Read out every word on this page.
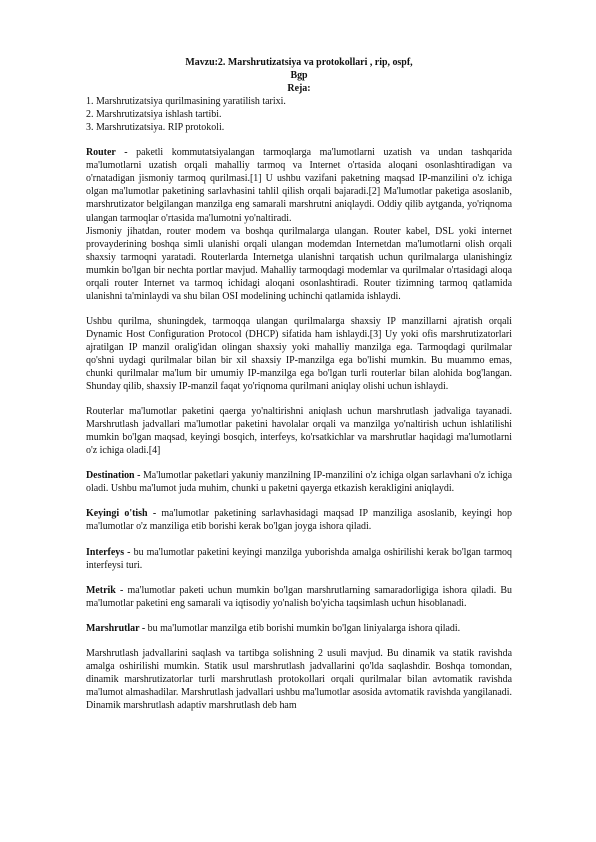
Mavzu:2. Marshrutizatsiya va protokollari , rip, ospf,

Bgp

Reja:

1. Marshrutizatsiya qurilmasining yaratilish tarixi.

2. Marshrutizatsiya ishlash tartibi.

3. Marshrutizatsiya. RIP protokoli.

Router - paketli kommutatsiyalangan tarmoqlarga ma'lumotlarni uzatish va undan tashqarida ma'lumotlarni uzatish orqali mahalliy tarmoq va Internet o'rtasida aloqani osonlashtiradigan va o'rnatadigan jismoniy tarmoq qurilmasi.[1] U ushbu vazifani paketning maqsad IP-manzilini o'z ichiga olgan ma'lumotlar paketining sarlavhasini tahlil qilish orqali bajaradi.[2] Ma'lumotlar paketiga asoslanib, marshrutizator belgilangan manzilga eng samarali marshrutni aniqlaydi. Oddiy qilib aytganda, yo'riqnoma ulangan tarmoqlar o'rtasida ma'lumotni yo'naltiradi.

Jismoniy jihatdan, router modem va boshqa qurilmalarga ulangan. Router kabel, DSL yoki internet provayderining boshqa simli ulanishi orqali ulangan modemdan Internetdan ma'lumotlarni olish orqali shaxsiy tarmoqni yaratadi. Routerlarda Internetga ulanishni tarqatish uchun qurilmalarga ulanishingiz mumkin bo'lgan bir nechta portlar mavjud. Mahalliy tarmoqdagi modemlar va qurilmalar o'rtasidagi aloqa orqali router Internet va tarmoq ichidagi aloqani osonlashtiradi. Router tizimning tarmoq qatlamida ulanishni ta'minlaydi va shu bilan OSI modelining uchinchi qatlamida ishlaydi.

Ushbu qurilma, shuningdek, tarmoqqa ulangan qurilmalarga shaxsiy IP manzillarni ajratish orqali Dynamic Host Configuration Protocol (DHCP) sifatida ham ishlaydi.[3] Uy yoki ofis marshrutizatorlari ajratilgan IP manzil oralig'idan olingan shaxsiy yoki mahalliy manzilga ega. Tarmoqdagi qurilmalar qo'shni uydagi qurilmalar bilan bir xil shaxsiy IP-manzilga ega bo'lishi mumkin. Bu muammo emas, chunki qurilmalar ma'lum bir umumiy IP-manzilga ega bo'lgan turli routerlar bilan alohida bog'langan. Shunday qilib, shaxsiy IP-manzil faqat yo'riqnoma qurilmani aniqlay olishi uchun ishlaydi.

Routerlar ma'lumotlar paketini qaerga yo'naltirishni aniqlash uchun marshrutlash jadvaliga tayanadi. Marshrutlash jadvallari ma'lumotlar paketini havolalar orqali va manzilga yo'naltirish uchun ishlatilishi mumkin bo'lgan maqsad, keyingi bosqich, interfeys, ko'rsatkichlar va marshrutlar haqidagi ma'lumotlarni o'z ichiga oladi.[4]

Destination - Ma'lumotlar paketlari yakuniy manzilning IP-manzilini o'z ichiga olgan sarlavhani o'z ichiga oladi. Ushbu ma'lumot juda muhim, chunki u paketni qayerga etkazish kerakligini aniqlaydi.

Keyingi o'tish - ma'lumotlar paketining sarlavhasidagi maqsad IP manziliga asoslanib, keyingi hop ma'lumotlar o'z manziliga etib borishi kerak bo'lgan joyga ishora qiladi.

Interfeys - bu ma'lumotlar paketini keyingi manzilga yuborishda amalga oshirilishi kerak bo'lgan tarmoq interfeysi turi.

Metrik - ma'lumotlar paketi uchun mumkin bo'lgan marshrutlarning samaradorligiga ishora qiladi. Bu ma'lumotlar paketini eng samarali va iqtisodiy yo'nalish bo'yicha taqsimlash uchun hisoblanadi.

Marshrutlar - bu ma'lumotlar manzilga etib borishi mumkin bo'lgan liniyalarga ishora qiladi.

Marshrutlash jadvallarini saqlash va tartibga solishning 2 usuli mavjud. Bu dinamik va statik ravishda amalga oshirilishi mumkin. Statik usul marshrutlash jadvallarini qo'lda saqlashdir. Boshqa tomondan, dinamik marshrutizatorlar turli marshrutlash protokollari orqali qurilmalar bilan avtomatik ravishda ma'lumot almashadilar. Marshrutlash jadvallari ushbu ma'lumotlar asosida avtomatik ravishda yangilanadi. Dinamik marshrutlash adaptiv marshrutlash deb ham
